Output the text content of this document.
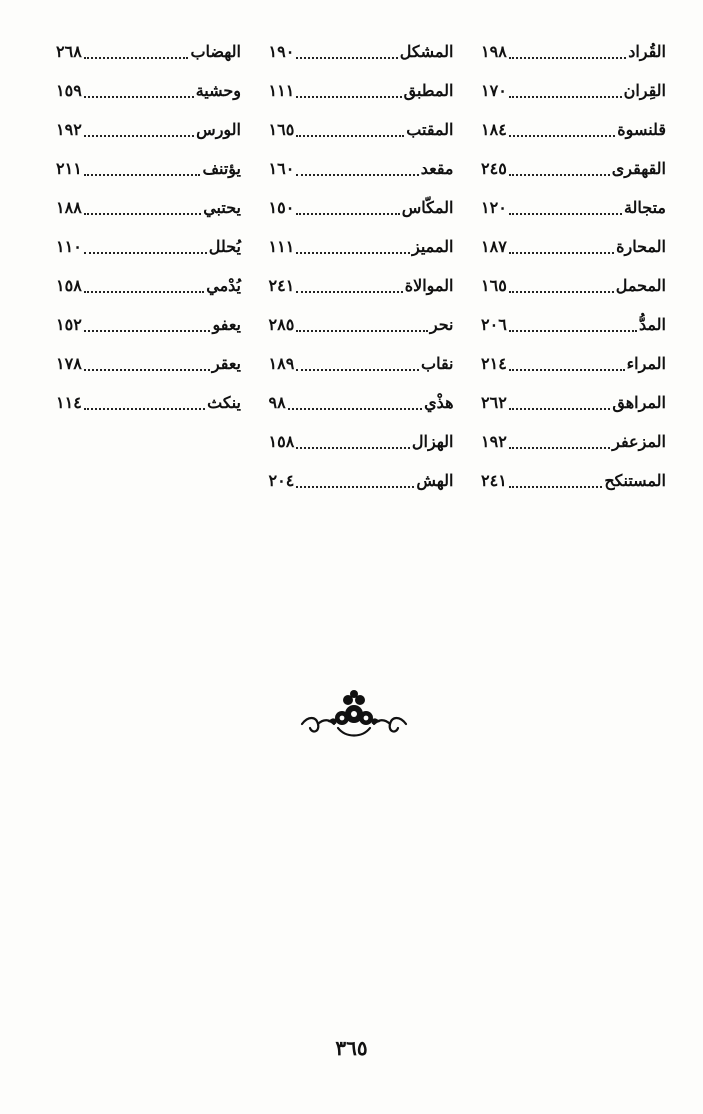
القُراد
١٩٨
القِران
١٧٠
قلنسوة
١٨٤
القهقرى
٢٤٥
متجالة
١٢٠
المحارة
١٨٧
المحمل
١٦٥
المدُّ
٢٠٦
المراء
٢١٤
المراهق
٢٦٢
المزعفر
١٩٢
المستنكح
٢٤١
المشكل
١٩٠
المطبق
١١١
المقتب
١٦٥
مقعد
١٦٠
المكّاس
١٥٠
المميز
١١١
الموالاة
٢٤١
نحر
٢٨٥
نقاب
١٨٩
هذْي
٩٨
الهزال
١٥٨
الهش
٢٠٤
الهضاب
٢٦٨
وحشية
١٥٩
الورس
١٩٢
يؤتنف
٢١١
يحتبي
١٨٨
يُحلل
١١٠
يُدْمي
١٥٨
يعفو
١٥٢
يعقر
١٧٨
ينكث
١١٤
٣٦٥
